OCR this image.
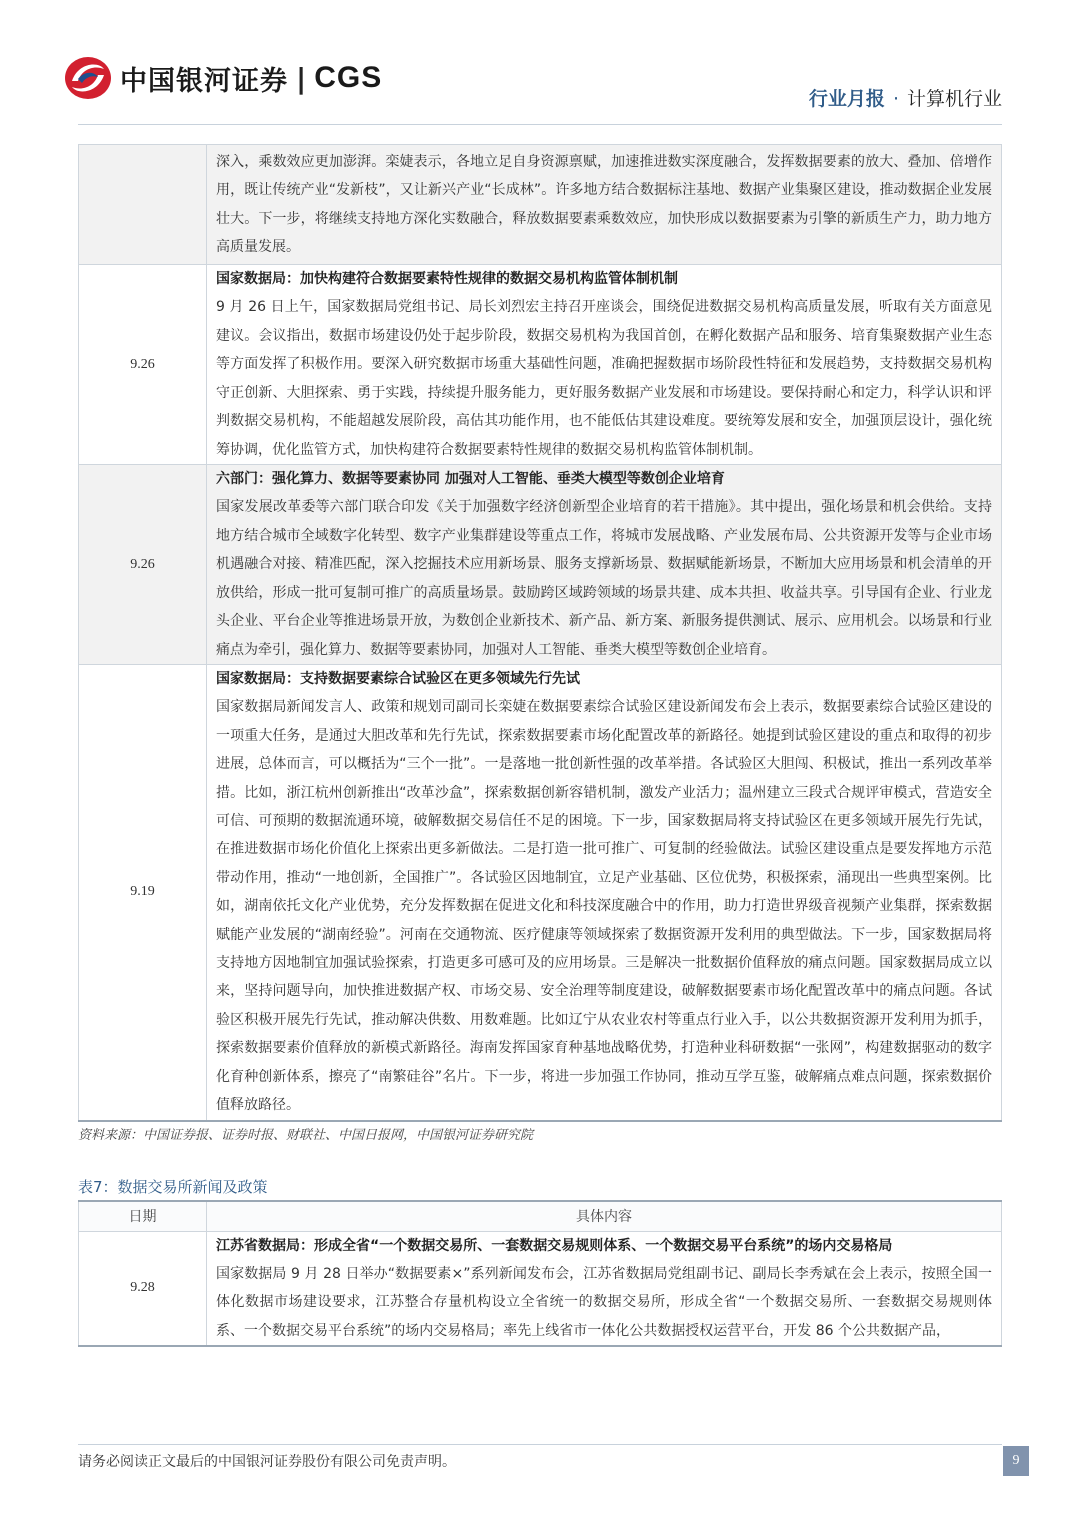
中国银河证券 | CGS
行业月报 · 计算机行业

	深入，乘数效应更加澎湃。栾婕表示，各地立足自身资源禀赋，加速推进数实深度融合，发挥数据要素的放大、叠加、倍增作用，既让传统产业“发新枝”，又让新兴产业“长成林”。许多地方结合数据标注基地、数据产业集聚区建设，推动数据企业发展壮大。下一步，将继续支持地方深化实数融合，释放数据要素乘数效应，加快形成以数据要素为引擎的新质生产力，助力地方高质量发展。

9.26	国家数据局：加快构建符合数据要素特性规律的数据交易机构监管体制机制
9 月 26 日上午，国家数据局党组书记、局长刘烈宏主持召开座谈会，围绕促进数据交易机构高质量发展，听取有关方面意见建议。会议指出，数据市场建设仍处于起步阶段，数据交易机构为我国首创，在孵化数据产品和服务、培育集聚数据产业生态等方面发挥了积极作用。要深入研究数据市场重大基础性问题，准确把握数据市场阶段性特征和发展趋势，支持数据交易机构守正创新、大胆探索、勇于实践，持续提升服务能力，更好服务数据产业发展和市场建设。要保持耐心和定力，科学认识和评判数据交易机构，不能超越发展阶段，高估其功能作用，也不能低估其建设难度。要统筹发展和安全，加强顶层设计，强化统筹协调，优化监管方式，加快构建符合数据要素特性规律的数据交易机构监管体制机制。

9.26	六部门：强化算力、数据等要素协同 加强对人工智能、垂类大模型等数创企业培育
国家发展改革委等六部门联合印发《关于加强数字经济创新型企业培育的若干措施》。其中提出，强化场景和机会供给。支持地方结合城市全域数字化转型、数字产业集群建设等重点工作，将城市发展战略、产业发展布局、公共资源开发等与企业市场机遇融合对接、精准匹配，深入挖掘技术应用新场景、服务支撑新场景、数据赋能新场景，不断加大应用场景和机会清单的开放供给，形成一批可复制可推广的高质量场景。鼓励跨区域跨领域的场景共建、成本共担、收益共享。引导国有企业、行业龙头企业、平台企业等推进场景开放，为数创企业新技术、新产品、新方案、新服务提供测试、展示、应用机会。以场景和行业痛点为牵引，强化算力、数据等要素协同，加强对人工智能、垂类大模型等数创企业培育。

9.19	国家数据局：支持数据要素综合试验区在更多领域先行先试
国家数据局新闻发言人、政策和规划司副司长栾婕在数据要素综合试验区建设新闻发布会上表示，数据要素综合试验区建设的一项重大任务，是通过大胆改革和先行先试，探索数据要素市场化配置改革的新路径。她提到试验区建设的重点和取得的初步进展，总体而言，可以概括为“三个一批”。一是落地一批创新性强的改革举措。各试验区大胆闯、积极试，推出一系列改革举措。比如，浙江杭州创新推出“改革沙盒”，探索数据创新容错机制，激发产业活力；温州建立三段式合规评审模式，营造安全可信、可预期的数据流通环境，破解数据交易信任不足的困境。下一步，国家数据局将支持试验区在更多领域开展先行先试，在推进数据市场化价值化上探索出更多新做法。二是打造一批可推广、可复制的经验做法。试验区建设重点是要发挥地方示范带动作用，推动“一地创新，全国推广”。各试验区因地制宜，立足产业基础、区位优势，积极探索，涌现出一些典型案例。比如，湖南依托文化产业优势，充分发挥数据在促进文化和科技深度融合中的作用，助力打造世界级音视频产业集群，探索数据赋能产业发展的“湖南经验”。河南在交通物流、医疗健康等领域探索了数据资源开发利用的典型做法。下一步，国家数据局将支持地方因地制宜加强试验探索，打造更多可感可及的应用场景。三是解决一批数据价值释放的痛点问题。国家数据局成立以来，坚持问题导向，加快推进数据产权、市场交易、安全治理等制度建设，破解数据要素市场化配置改革中的痛点问题。各试验区积极开展先行先试，推动解决供数、用数难题。比如辽宁从农业农村等重点行业入手，以公共数据资源开发利用为抓手，探索数据要素价值释放的新模式新路径。海南发挥国家育种基地战略优势，打造种业科研数据“一张网”，构建数据驱动的数字化育种创新体系，擦亮了“南繁硅谷”名片。下一步，将进一步加强工作协同，推动互学互鉴，破解痛点难点问题，探索数据价值释放路径。
资料来源：中国证券报、证券时报、财联社、中国日报网，中国银河证券研究院
表7：数据交易所新闻及政策
日期	具体内容
9.28	江苏省数据局：形成全省“一个数据交易所、一套数据交易规则体系、一个数据交易平台系统”的场内交易格局
国家数据局 9 月 28 日举办“数据要素×”系列新闻发布会，江苏省数据局党组副书记、副局长李秀斌在会上表示，按照全国一体化数据市场建设要求，江苏整合存量机构设立全省统一的数据交易所，形成全省“一个数据交易所、一套数据交易规则体系、一个数据交易平台系统”的场内交易格局；率先上线省市一体化公共数据授权运营平台，开发 86 个公共数据产品，
请务必阅读正文最后的中国银河证券股份有限公司免责声明。	9
